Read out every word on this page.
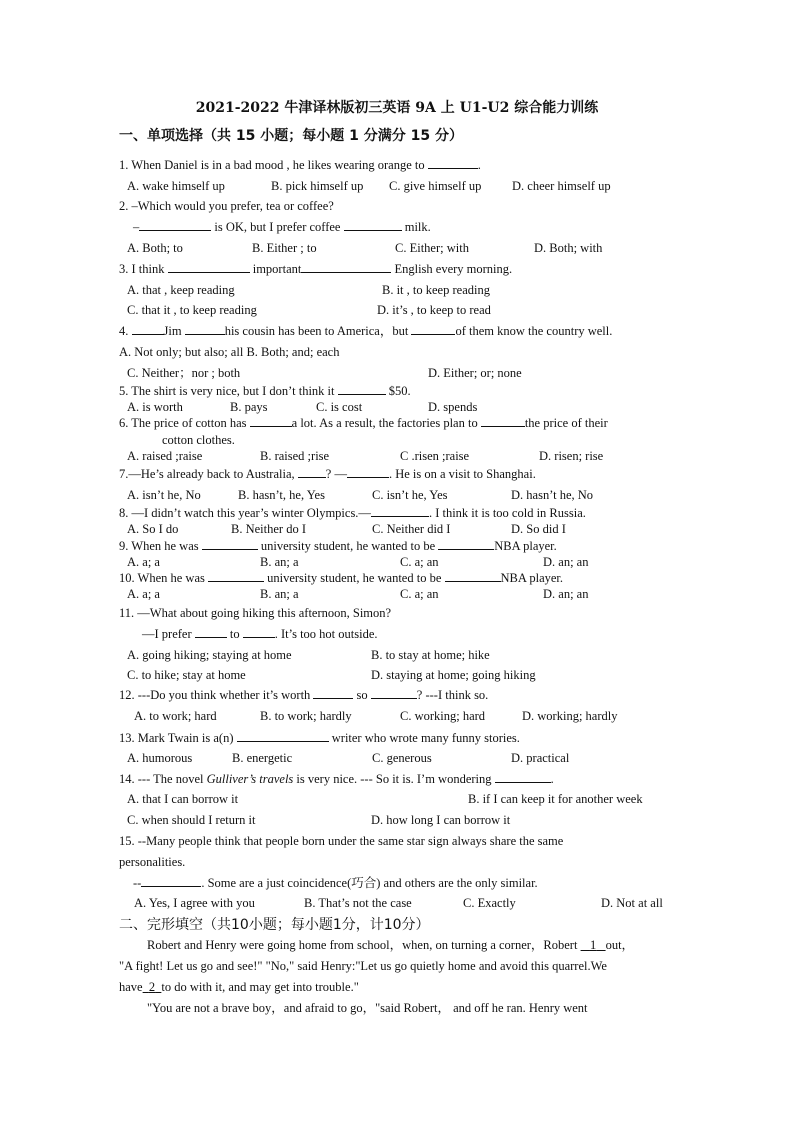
2021-2022 牛津译林版初三英语 9A 上 U1-U2 综合能力训练
一、单项选择（共 15 小题；每小题 1 分满分 15 分）
1. When Daniel is in a bad mood , he likes wearing orange to	.
A. wake himself up	B. pick himself up C. give himself up D. cheer himself up
2. –Which would you prefer, tea or coffee?
–	is OK, but I prefer coffee	milk.
A. Both; to	B. Either ; to	C. Either; with	D. Both; with
3. I think	important	English every morning.
A. that , keep reading	B. it , to keep reading
C. that it , to keep reading	D. it’s , to keep to read
4.	Jim	his cousin has been to America，but	of them know the country well.
A. Not only; but also; all B. Both; and; each
C. Neither；nor ; both	D. Either; or; none
5. The shirt is very nice, but I don’t think it	$50.
A. is worth	B. pays	C. is cost	D. spends
6. The price of cotton has	a lot. As a result, the factories plan to	the price of their
cotton clothes.
A. raised ;raise	B. raised ;rise	C .risen ;raise	D. risen; rise
7.—He’s already back to Australia, ? —	. He is on a visit to Shanghai.
A. isn’t he, No	B. hasn’t, he, Yes	C. isn’t he, Yes	D. hasn’t he, No
8. —I didn’t watch this year’s winter Olympics.—	. I think it is too cold in Russia.
A. So I do	B. Neither do I	C. Neither did I	D. So did I
9. When he was	university student, he wanted to be	NBA player.
A. a; a	B. an; a	C. a; an	D. an; an
10. When he was	university student, he wanted to be	NBA player.
A. a; a	B. an; a	C. a; an	D. an; an
11. —What about going hiking this afternoon, Simon?
—I prefer	to	. It’s too hot outside.
A. going hiking; staying at home	B. to stay at home; hike
C. to hike; stay at home	D. staying at home; going hiking
12. ---Do you think whether it’s worth	so	? ---I think so.
A. to work; hard	B. to work; hardly	C. working; hard	D. working; hardly
13. Mark Twain is a(n)	writer who wrote many funny stories.
A. humorous	B. energetic	C. generous	D. practical
14. --- The novel Gulliver’s travels is very nice. --- So it is. I’m wondering	.
A. that I can borrow it	B. if I can keep it for another week
C. when should I return it	D. how long I can borrow it
15. --Many people think that people born under the same star sign always share the same
personalities.
--	. Some are a just coincidence(巧合) and others are the only similar.
A. Yes, I agree with you	B. That’s not the case	C. Exactly	D. Not at all
二、完形填空（共10小题；每小题1分，计10分）
Robert and Henry were going home from school，when, on turning a corner，Robert    1 out，
"A fight! Let us go and see!" "No," said Henry:"Let us go quietly home and avoid this quarrel.We
have 2 to do with it, and may get into trouble."
"You are not a brave boy，and afraid to go，"said Robert， and off he ran. Henry went
